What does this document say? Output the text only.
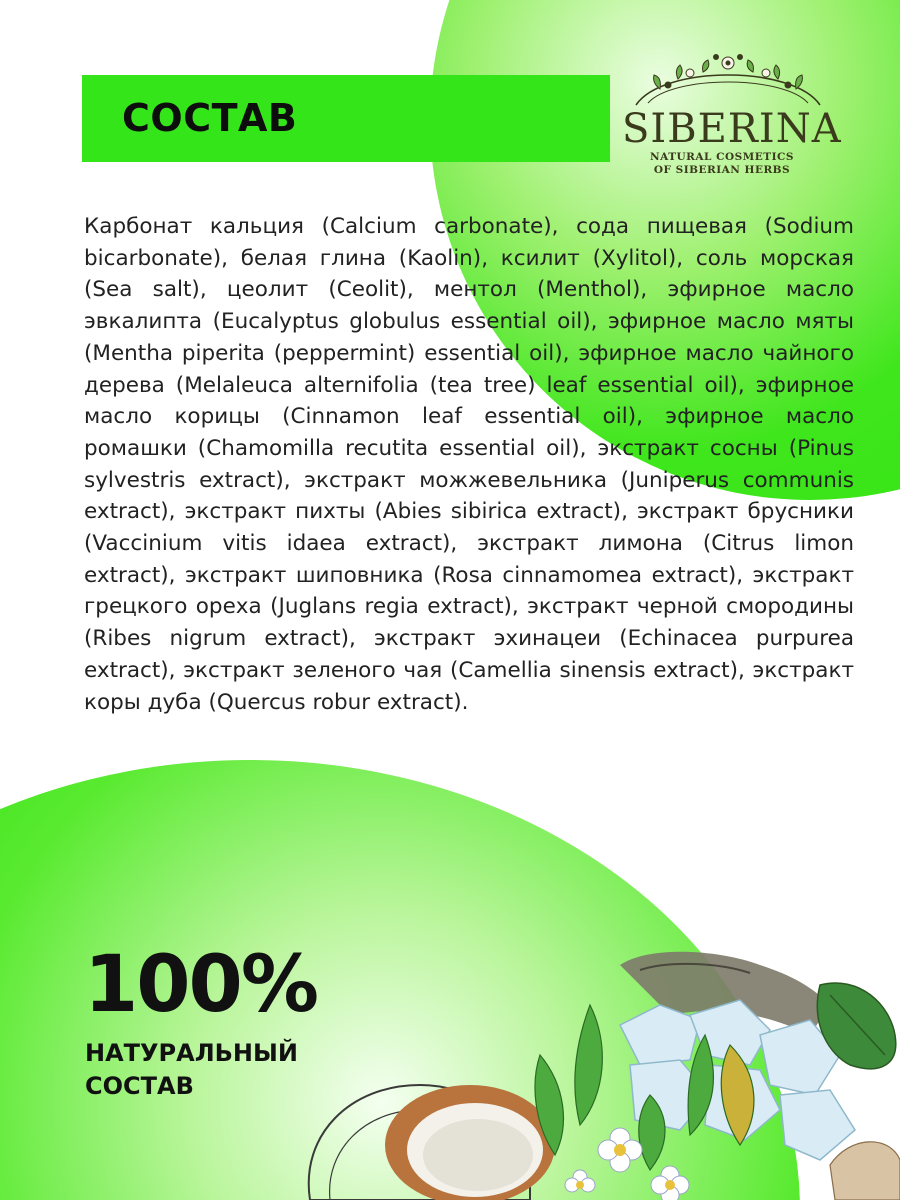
СОСТАВ	SIBERINA
NATURAL COSMETICS
OF SIBERIAN HERBS

Карбонат кальция (Calcium carbonate), сода пищевая (Sodium bicarbonate), белая глина (Kaolin), ксилит (Xylitol), соль морская (Sea salt), цеолит (Ceolit), ментол (Menthol), эфирное масло эвкалипта (Eucalyptus globulus essential oil), эфирное масло мяты (Mentha piperita (peppermint) essential oil), эфирное масло чайного дерева (Melaleuca alternifolia (tea tree) leaf essential oil), эфирное масло корицы (Cinnamon leaf essential oil), эфирное масло ромашки (Chamomilla recutita essential oil), экстракт сосны (Pinus sylvestris extract), экстракт можжевельника (Juniperus communis extract), экстракт пихты (Abies sibirica extract), экстракт брусники (Vaccinium vitis idaea extract), экстракт лимона (Citrus limon extract), экстракт шиповника (Rosa cinnamomea extract), экстракт грецкого ореха (Juglans regia extract), экстракт черной смородины (Ribes nigrum extract), экстракт эхинацеи (Echinacea purpurea extract), экстракт зеленого чая (Camellia sinensis extract), экстракт коры дуба (Quercus robur extract).

100%
НАТУРАЛЬНЫЙ
СОСТАВ
